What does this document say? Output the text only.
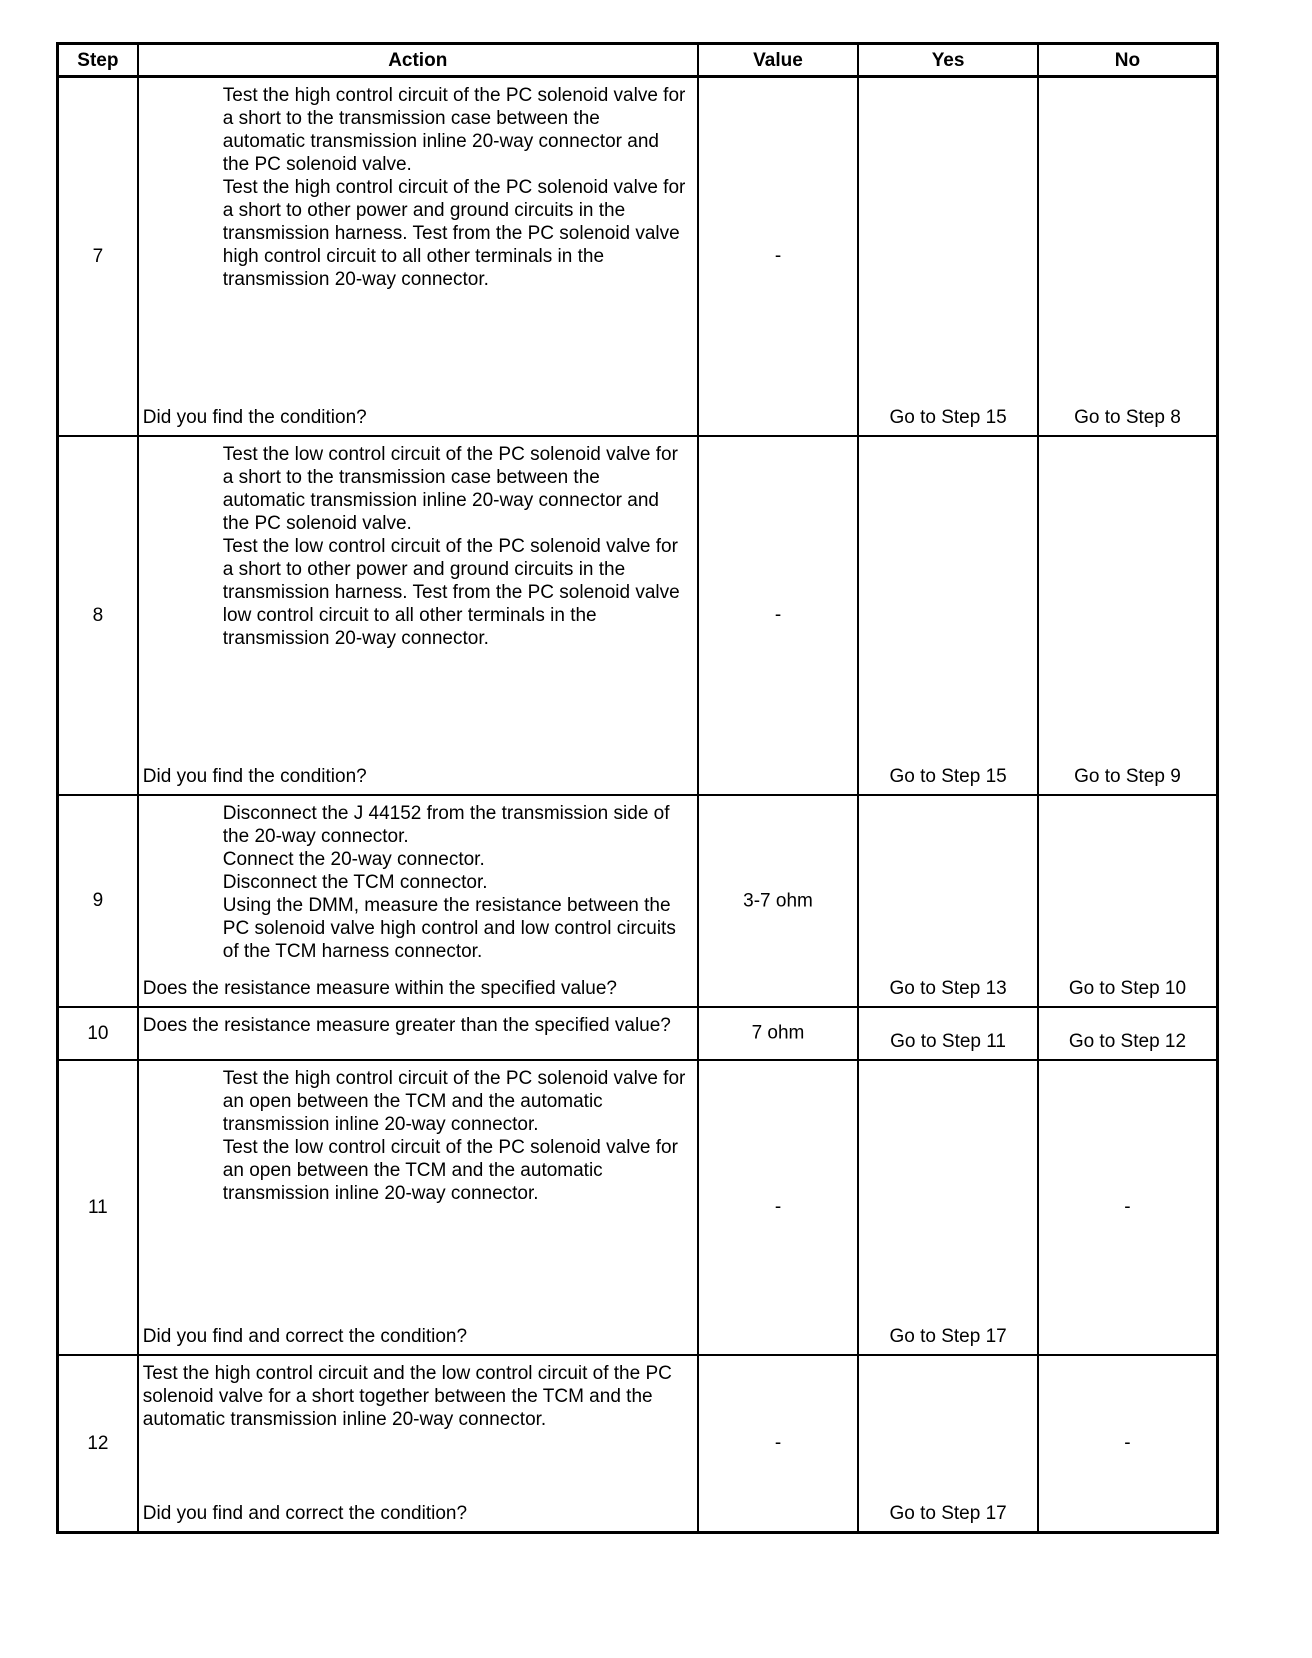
Step	Action	Value	Yes	No
7	Test the high control circuit of the PC solenoid valve for a short to the transmission case between the automatic transmission inline 20-way connector and the PC solenoid valve.
Test the high control circuit of the PC solenoid valve for a short to other power and ground circuits in the transmission harness. Test from the PC solenoid valve high control circuit to all other terminals in the transmission 20-way connector.
Did you find the condition?	-	Go to Step 15	Go to Step 8

8	Test the low control circuit of the PC solenoid valve for a short to the transmission case between the automatic transmission inline 20-way connector and the PC solenoid valve.
Test the low control circuit of the PC solenoid valve for a short to other power and ground circuits in the transmission harness. Test from the PC solenoid valve low control circuit to all other terminals in the transmission 20-way connector.
Did you find the condition?	-	Go to Step 15	Go to Step 9

9	Disconnect the J 44152 from the transmission side of the 20-way connector.
Connect the 20-way connector.
Disconnect the TCM connector.
Using the DMM, measure the resistance between the PC solenoid valve high control and low control circuits of the TCM harness connector.
Does the resistance measure within the specified value?	3-7 ohm	Go to Step 13	Go to Step 10

10	Does the resistance measure greater than the specified value?	7 ohm	Go to Step 11	Go to Step 12

11	Test the high control circuit of the PC solenoid valve for an open between the TCM and the automatic transmission inline 20-way connector.
Test the low control circuit of the PC solenoid valve for an open between the TCM and the automatic transmission inline 20-way connector.
Did you find and correct the condition?	-	Go to Step 17	-

12	Test the high control circuit and the low control circuit of the PC solenoid valve for a short together between the TCM and the automatic transmission inline 20-way connector.
Did you find and correct the condition?	-	Go to Step 17	-
